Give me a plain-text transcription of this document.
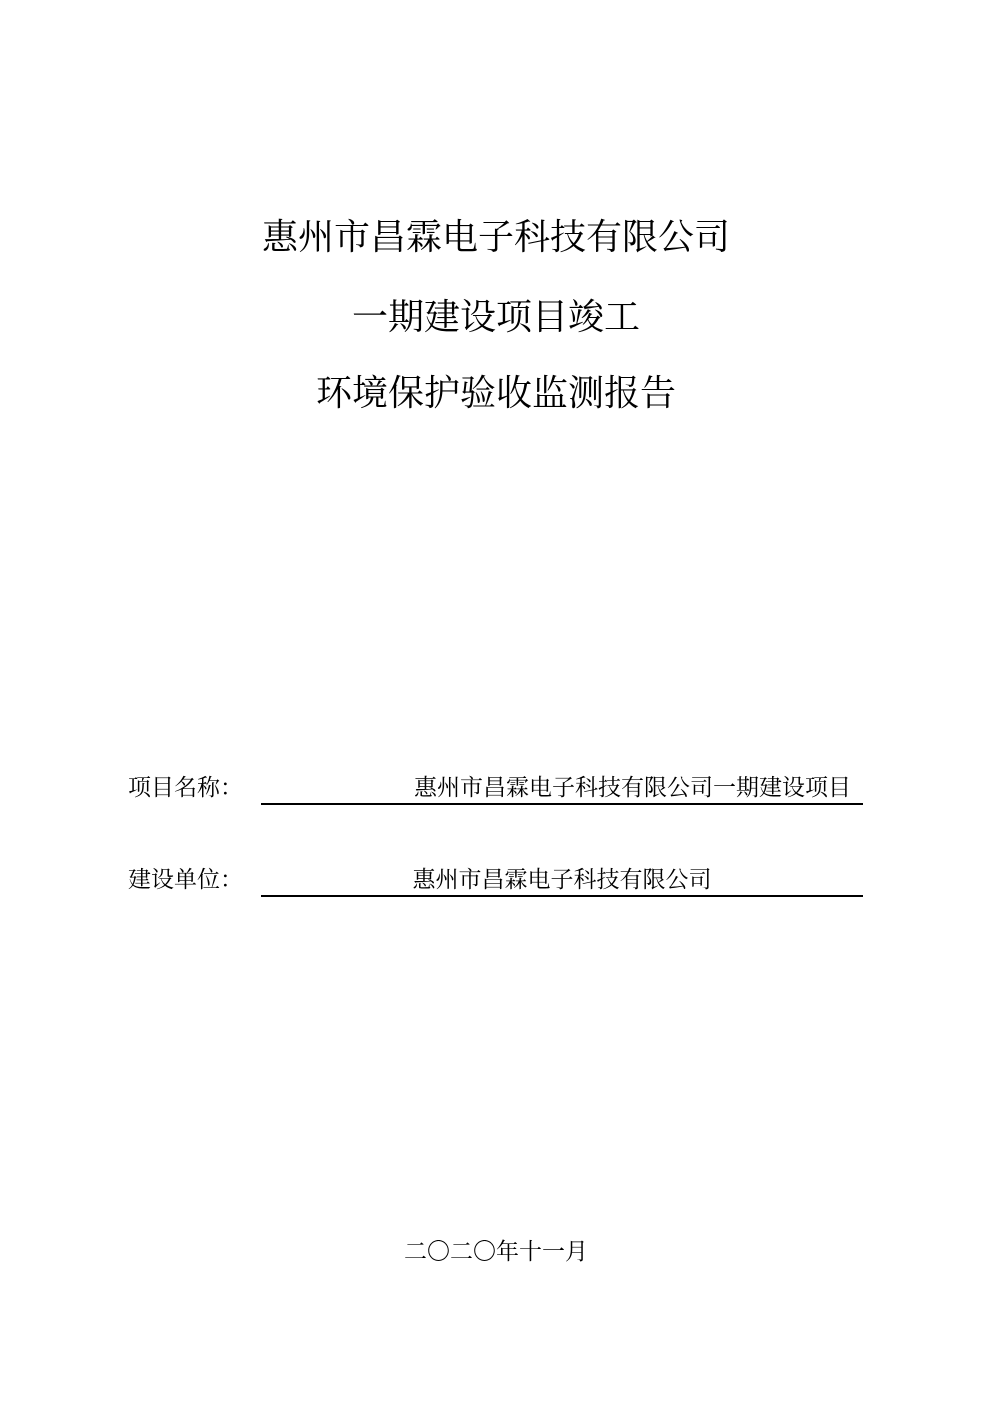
惠州市昌霖电子科技有限公司
一期建设项目竣工
环境保护验收监测报告
项目名称：	惠州市昌霖电子科技有限公司一期建设项目
建设单位：	惠州市昌霖电子科技有限公司
二〇二〇年十一月
